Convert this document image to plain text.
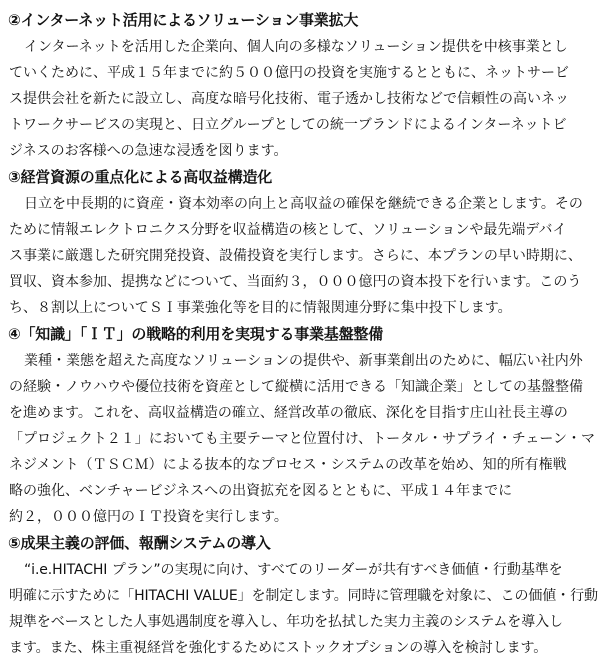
②インターネット活用によるソリューション事業拡大
インターネットを活用した企業向、個人向の多様なソリューション提供を中核事業とし
ていくために、平成１５年までに約５００億円の投資を実施するとともに、ネットサービ
ス提供会社を新たに設立し、高度な暗号化技術、電子透かし技術などで信頼性の高いネッ
トワークサービスの実現と、日立グループとしての統一ブランドによるインターネットビ
ジネスのお客様への急速な浸透を図ります。
③経営資源の重点化による高収益構造化
日立を中長期的に資産・資本効率の向上と高収益の確保を継続できる企業とします。その
ために情報エレクトロニクス分野を収益構造の核として、ソリューションや最先端デバイ
ス事業に厳選した研究開発投資、設備投資を実行します。さらに、本プランの早い時期に、
買収、資本参加、提携などについて、当面約３，０００億円の資本投下を行います。このう
ち、８割以上についてＳＩ事業強化等を目的に情報関連分野に集中投下します。
④「知識」「ＩＴ」の戦略的利用を実現する事業基盤整備
業種・業態を超えた高度なソリューションの提供や、新事業創出のために、幅広い社内外
の経験・ノウハウや優位技術を資産として縦横に活用できる「知識企業」としての基盤整備
を進めます。これを、高収益構造の確立、経営改革の徹底、深化を目指す庄山社長主導の
「プロジェクト２１」においても主要テーマと位置付け、トータル・サプライ・チェーン・マ
ネジメント（ＴＳＣＭ）による抜本的なプロセス・システムの改革を始め、知的所有権戦
略の強化、ベンチャービジネスへの出資拡充を図るとともに、平成１４年までに
約２，０００億円のＩＴ投資を実行します。
⑤成果主義の評価、報酬システムの導入
“i.e.HITACHI プラン”の実現に向け、すべてのリーダーが共有すべき価値・行動基準を
明確に示すために「HITACHI VALUE」を制定します。同時に管理職を対象に、この価値・行動
規準をベースとした人事処遇制度を導入し、年功を払拭した実力主義のシステムを導入し
ます。また、株主重視経営を強化するためにストックオプションの導入を検討します。
